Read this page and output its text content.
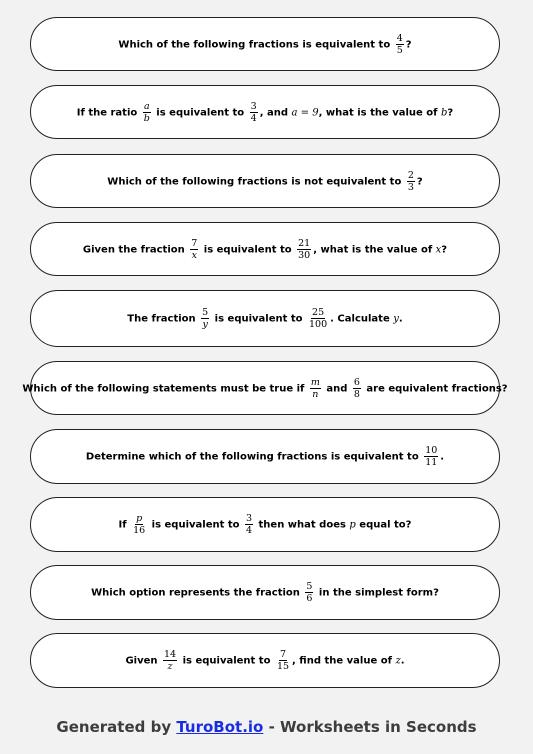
Which of the following fractions is equivalent to $\frac{4}{5}$ ?
If the ratio $\frac{a}{b}$ is equivalent to $\frac{3}{4}$ , and a = 9, what is the value of b?
Which of the following fractions is not equivalent to $\frac{2}{3}$ ?
Given the fraction $\frac{7}{x}$ is equivalent to $\frac{21}{30}$ , what is the value of x?
The fraction $\frac{5}{y}$ is equivalent to $\frac{25}{100}$ . Calculate y.
Which of the following statements must be true if $\frac{m}{n}$ and $\frac{6}{8}$ are equivalent fractions?
Determine which of the following fractions is equivalent to $\frac{10}{11}$ .
If $\frac{p}{16}$ is equivalent to $\frac{3}{4}$ then what does p equal to?
Which option represents the fraction $\frac{5}{6}$ in the simplest form?
Given $\frac{14}{z}$ is equivalent to $\frac{7}{15}$ , find the value of z.
Generated by TuroBot.io - Worksheets in Seconds
